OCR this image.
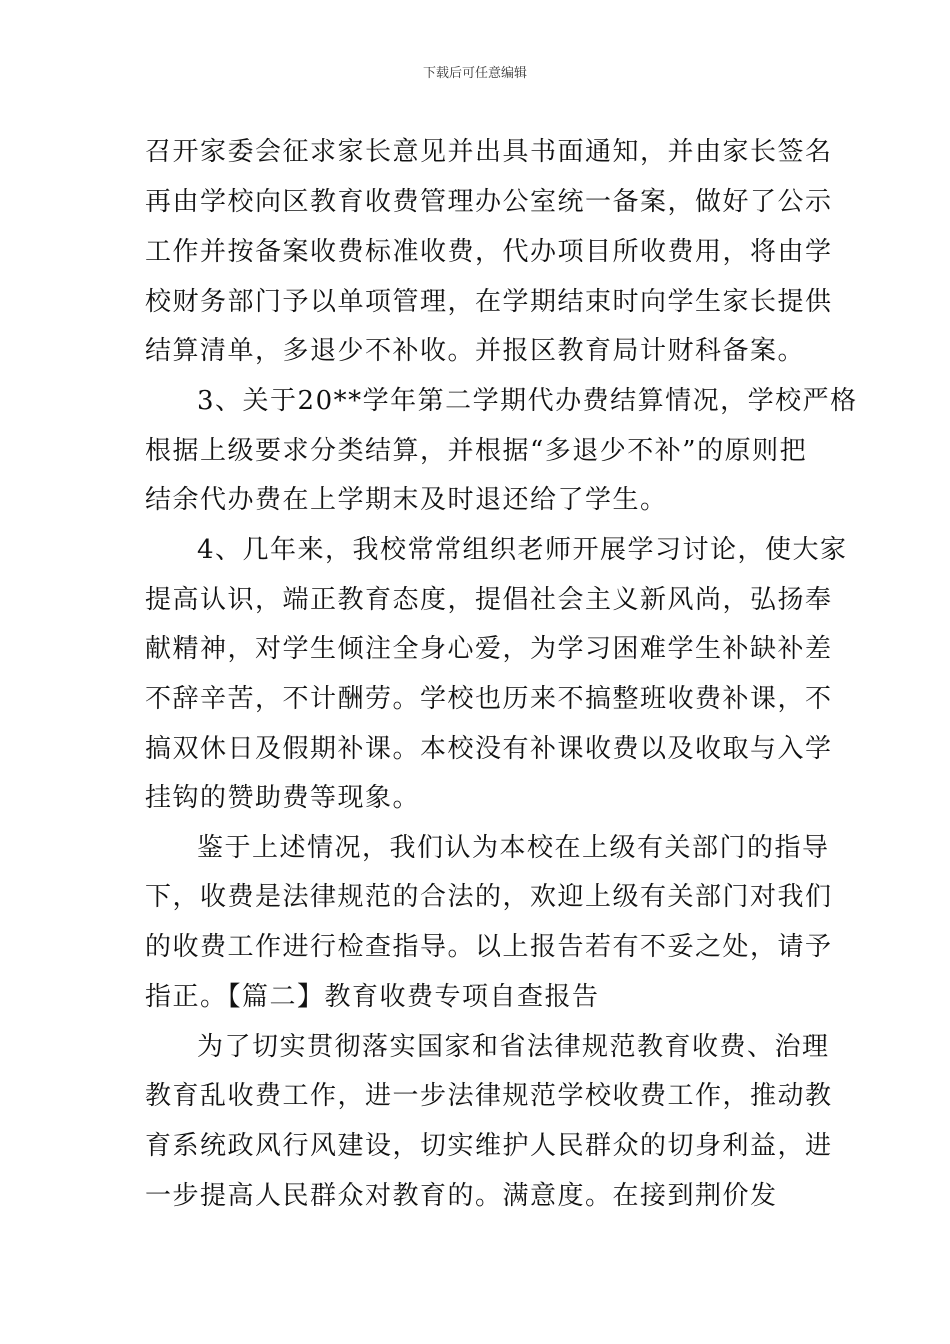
下载后可任意编辑
召开家委会征求家长意见并出具书面通知，并由家长签名
再由学校向区教育收费管理办公室统一备案，做好了公示
工作并按备案收费标准收费，代办项目所收费用，将由学
校财务部门予以单项管理，在学期结束时向学生家长提供
结算清单，多退少不补收。并报区教育局计财科备案。
3、关于20**学年第二学期代办费结算情况，学校严格
根据上级要求分类结算，并根据“多退少不补”的原则把
结余代办费在上学期末及时退还给了学生。
4、几年来，我校常常组织老师开展学习讨论，使大家
提高认识，端正教育态度，提倡社会主义新风尚，弘扬奉
献精神，对学生倾注全身心爱，为学习困难学生补缺补差
不辞辛苦，不计酬劳。学校也历来不搞整班收费补课，不
搞双休日及假期补课。本校没有补课收费以及收取与入学
挂钩的赞助费等现象。
鉴于上述情况，我们认为本校在上级有关部门的指导
下，收费是法律规范的合法的，欢迎上级有关部门对我们
的收费工作进行检查指导。以上报告若有不妥之处，请予
指正。【篇二】教育收费专项自查报告
为了切实贯彻落实国家和省法律规范教育收费、治理
教育乱收费工作，进一步法律规范学校收费工作，推动教
育系统政风行风建设，切实维护人民群众的切身利益，进
一步提高人民群众对教育的。满意度。在接到荆价发
